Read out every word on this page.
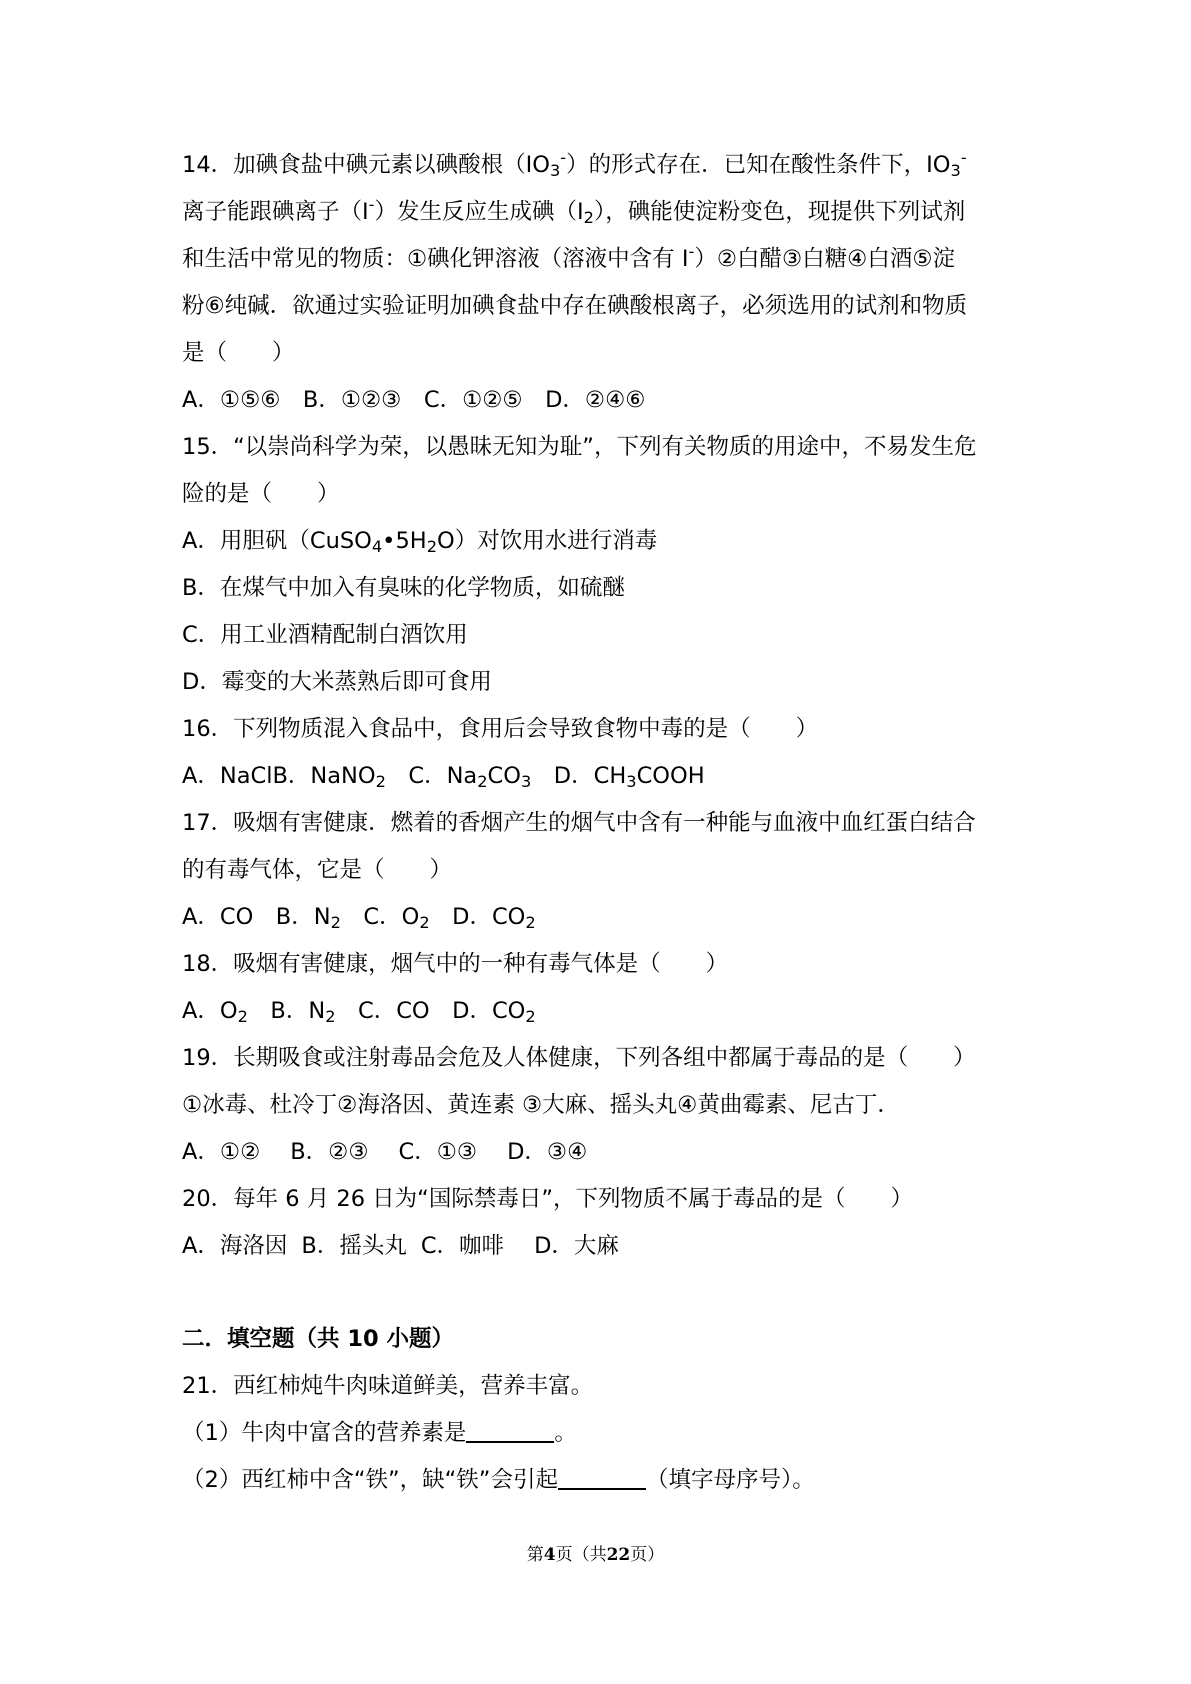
14．加碘食盐中碘元素以碘酸根$(IO_3^-)$的形式存在．已知在酸性条件下，$IO_3^-$
离子能跟碘离子（I-）发生反应生成碘$(I_2)$，碘能使淀粉变色，现提供下列试剂
和生活中常见的物质：①碘化钾溶液（溶液中含有 I-）②白醋③白糖④白酒⑤淀
粉⑥纯碱．欲通过实验证明加碘食盐中存在碘酸根离子，必须选用的试剂和物质
是（　　）
A．①⑤⑥　B．①②③　C．①②⑤　D．②④⑥
15．“以崇尚科学为荣，以愚昧无知为耻”，下列有关物质的用途中，不易发生危
险的是（　　）
A．用胆矾$(CuSO_4•5H_2O)$对饮用水进行消毒
B．在煤气中加入有臭味的化学物质，如硫醚
C．用工业酒精配制白酒饮用
D．霉变的大米蒸熟后即可食用
16．下列物质混入食品中，食用后会导致食物中毒的是（　　）
A．NaClB．NaNO$_2$　C．$Na_2CO_3$　D．$CH_3COOH$
17．吸烟有害健康．燃着的香烟产生的烟气中含有一种能与血液中血红蛋白结合
的有毒气体，它是（　　）
A．CO　B．$N_2$　C．$O_2$　D．$CO_2$
18．吸烟有害健康，烟气中的一种有毒气体是（　　）
A．$O_2$　B．$N_2$　C．CO　D．$CO_2$
19．长期吸食或注射毒品会危及人体健康，下列各组中都属于毒品的是（　　）
①冰毒、杜冷丁②海洛因、黄连素 ③大麻、摇头丸④黄曲霉素、尼古丁．
A．①② B．②③ C．①③ D．③④
20．每年 6 月 26 日为“国际禁毒日”，下列物质不属于毒品的是（　　）
A．海洛因 B．摇头丸 C．咖啡 D．大麻
二．填空题（共 10 小题）
21．西红柿炖牛肉味道鲜美，营养丰富。
（1）牛肉中富含的营养素是	。
（2）西红柿中含“铁”，缺“铁”会引起	（填字母序号）。
第4页（共22页）
